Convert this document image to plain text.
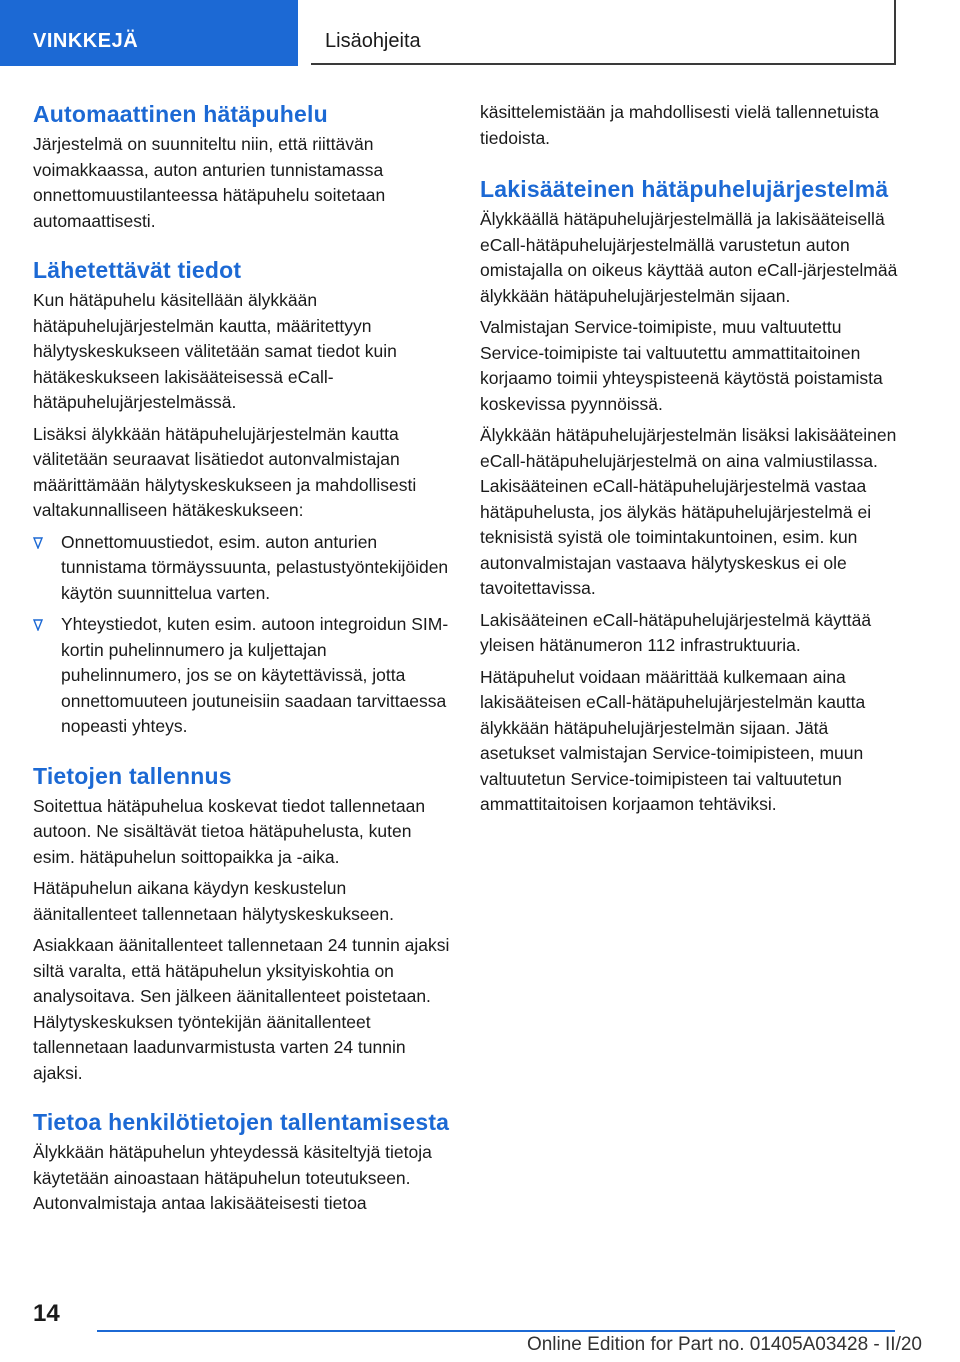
VINKKEJÄ	Lisäohjeita
Automaattinen hätäpuhelu

Järjestelmä on suunniteltu niin, että riittävän voimakkaassa, auton anturien tunnistamassa onnettomuustilanteessa hätäpuhelu soitetaan automaattisesti.

Lähetettävät tiedot

Kun hätäpuhelu käsitellään älykkään hätäpuhelujärjestelmän kautta, määritettyyn hälytyskeskukseen välitetään samat tiedot kuin hätäkeskukseen lakisääteisessä eCall-hätäpuhelujärjestelmässä.

Lisäksi älykkään hätäpuhelujärjestelmän kautta välitetään seuraavat lisätiedot autonvalmistajan määrittämään hälytyskeskukseen ja mahdollisesti valtakunnalliseen hätäkeskukseen:

Onnettomuustiedot, esim. auton anturien tunnistama törmäyssuunta, pelastustyöntekijöiden käytön suunnittelua varten.
Yhteystiedot, kuten esim. autoon integroidun SIM-kortin puhelinnumero ja kuljettajan puhelinnumero, jos se on käytettävissä, jotta onnettomuuteen joutuneisiin saadaan tarvittaessa nopeasti yhteys.
Tietojen tallennus

Soitettua hätäpuhelua koskevat tiedot tallennetaan autoon. Ne sisältävät tietoa hätäpuhelusta, kuten esim. hätäpuhelun soittopaikka ja -aika.

Hätäpuhelun aikana käydyn keskustelun äänitallenteet tallennetaan hälytyskeskukseen.

Asiakkaan äänitallenteet tallennetaan 24 tunnin ajaksi siltä varalta, että hätäpuhelun yksityiskohtia on analysoitava. Sen jälkeen äänitallenteet poistetaan. Hälytyskeskuksen työntekijän äänitallenteet tallennetaan laadunvarmistusta varten 24 tunnin ajaksi.

Tietoa henkilötietojen tallentamisesta

Älykkään hätäpuhelun yhteydessä käsiteltyjä tietoja käytetään ainoastaan hätäpuhelun toteutukseen. Autonvalmistaja antaa lakisääteisesti tietoa

käsittelemistään ja mahdollisesti vielä tallennetuista tiedoista.

Lakisääteinen hätäpuhelujärjestelmä

Älykkäällä hätäpuhelujärjestelmällä ja lakisääteisellä eCall-hätäpuhelujärjestelmällä varustetun auton omistajalla on oikeus käyttää auton eCall-järjestelmää älykkään hätäpuhelujärjestelmän sijaan.

Valmistajan Service-toimipiste, muu valtuutettu Service-toimipiste tai valtuutettu ammattitaitoinen korjaamo toimii yhteyspisteenä käytöstä poistamista koskevissa pyynnöissä.

Älykkään hätäpuhelujärjestelmän lisäksi lakisääteinen eCall-hätäpuhelujärjestelmä on aina valmiustilassa. Lakisääteinen eCall-hätäpuhelujärjestelmä vastaa hätäpuhelusta, jos älykäs hätäpuhelujärjestelmä ei teknisistä syistä ole toimintakuntoinen, esim. kun autonvalmistajan vastaava hälytyskeskus ei ole tavoitettavissa.

Lakisääteinen eCall-hätäpuhelujärjestelmä käyttää yleisen hätänumeron 112 infrastruktuuria.

Hätäpuhelut voidaan määrittää kulkemaan aina lakisääteisen eCall-hätäpuhelujärjestelmän kautta älykkään hätäpuhelujärjestelmän sijaan. Jätä asetukset valmistajan Service-toimipisteen, muun valtuutetun Service-toimipisteen tai valtuutetun ammattitaitoisen korjaamon tehtäviksi.

14
Online Edition for Part no. 01405A03428 - II/20
